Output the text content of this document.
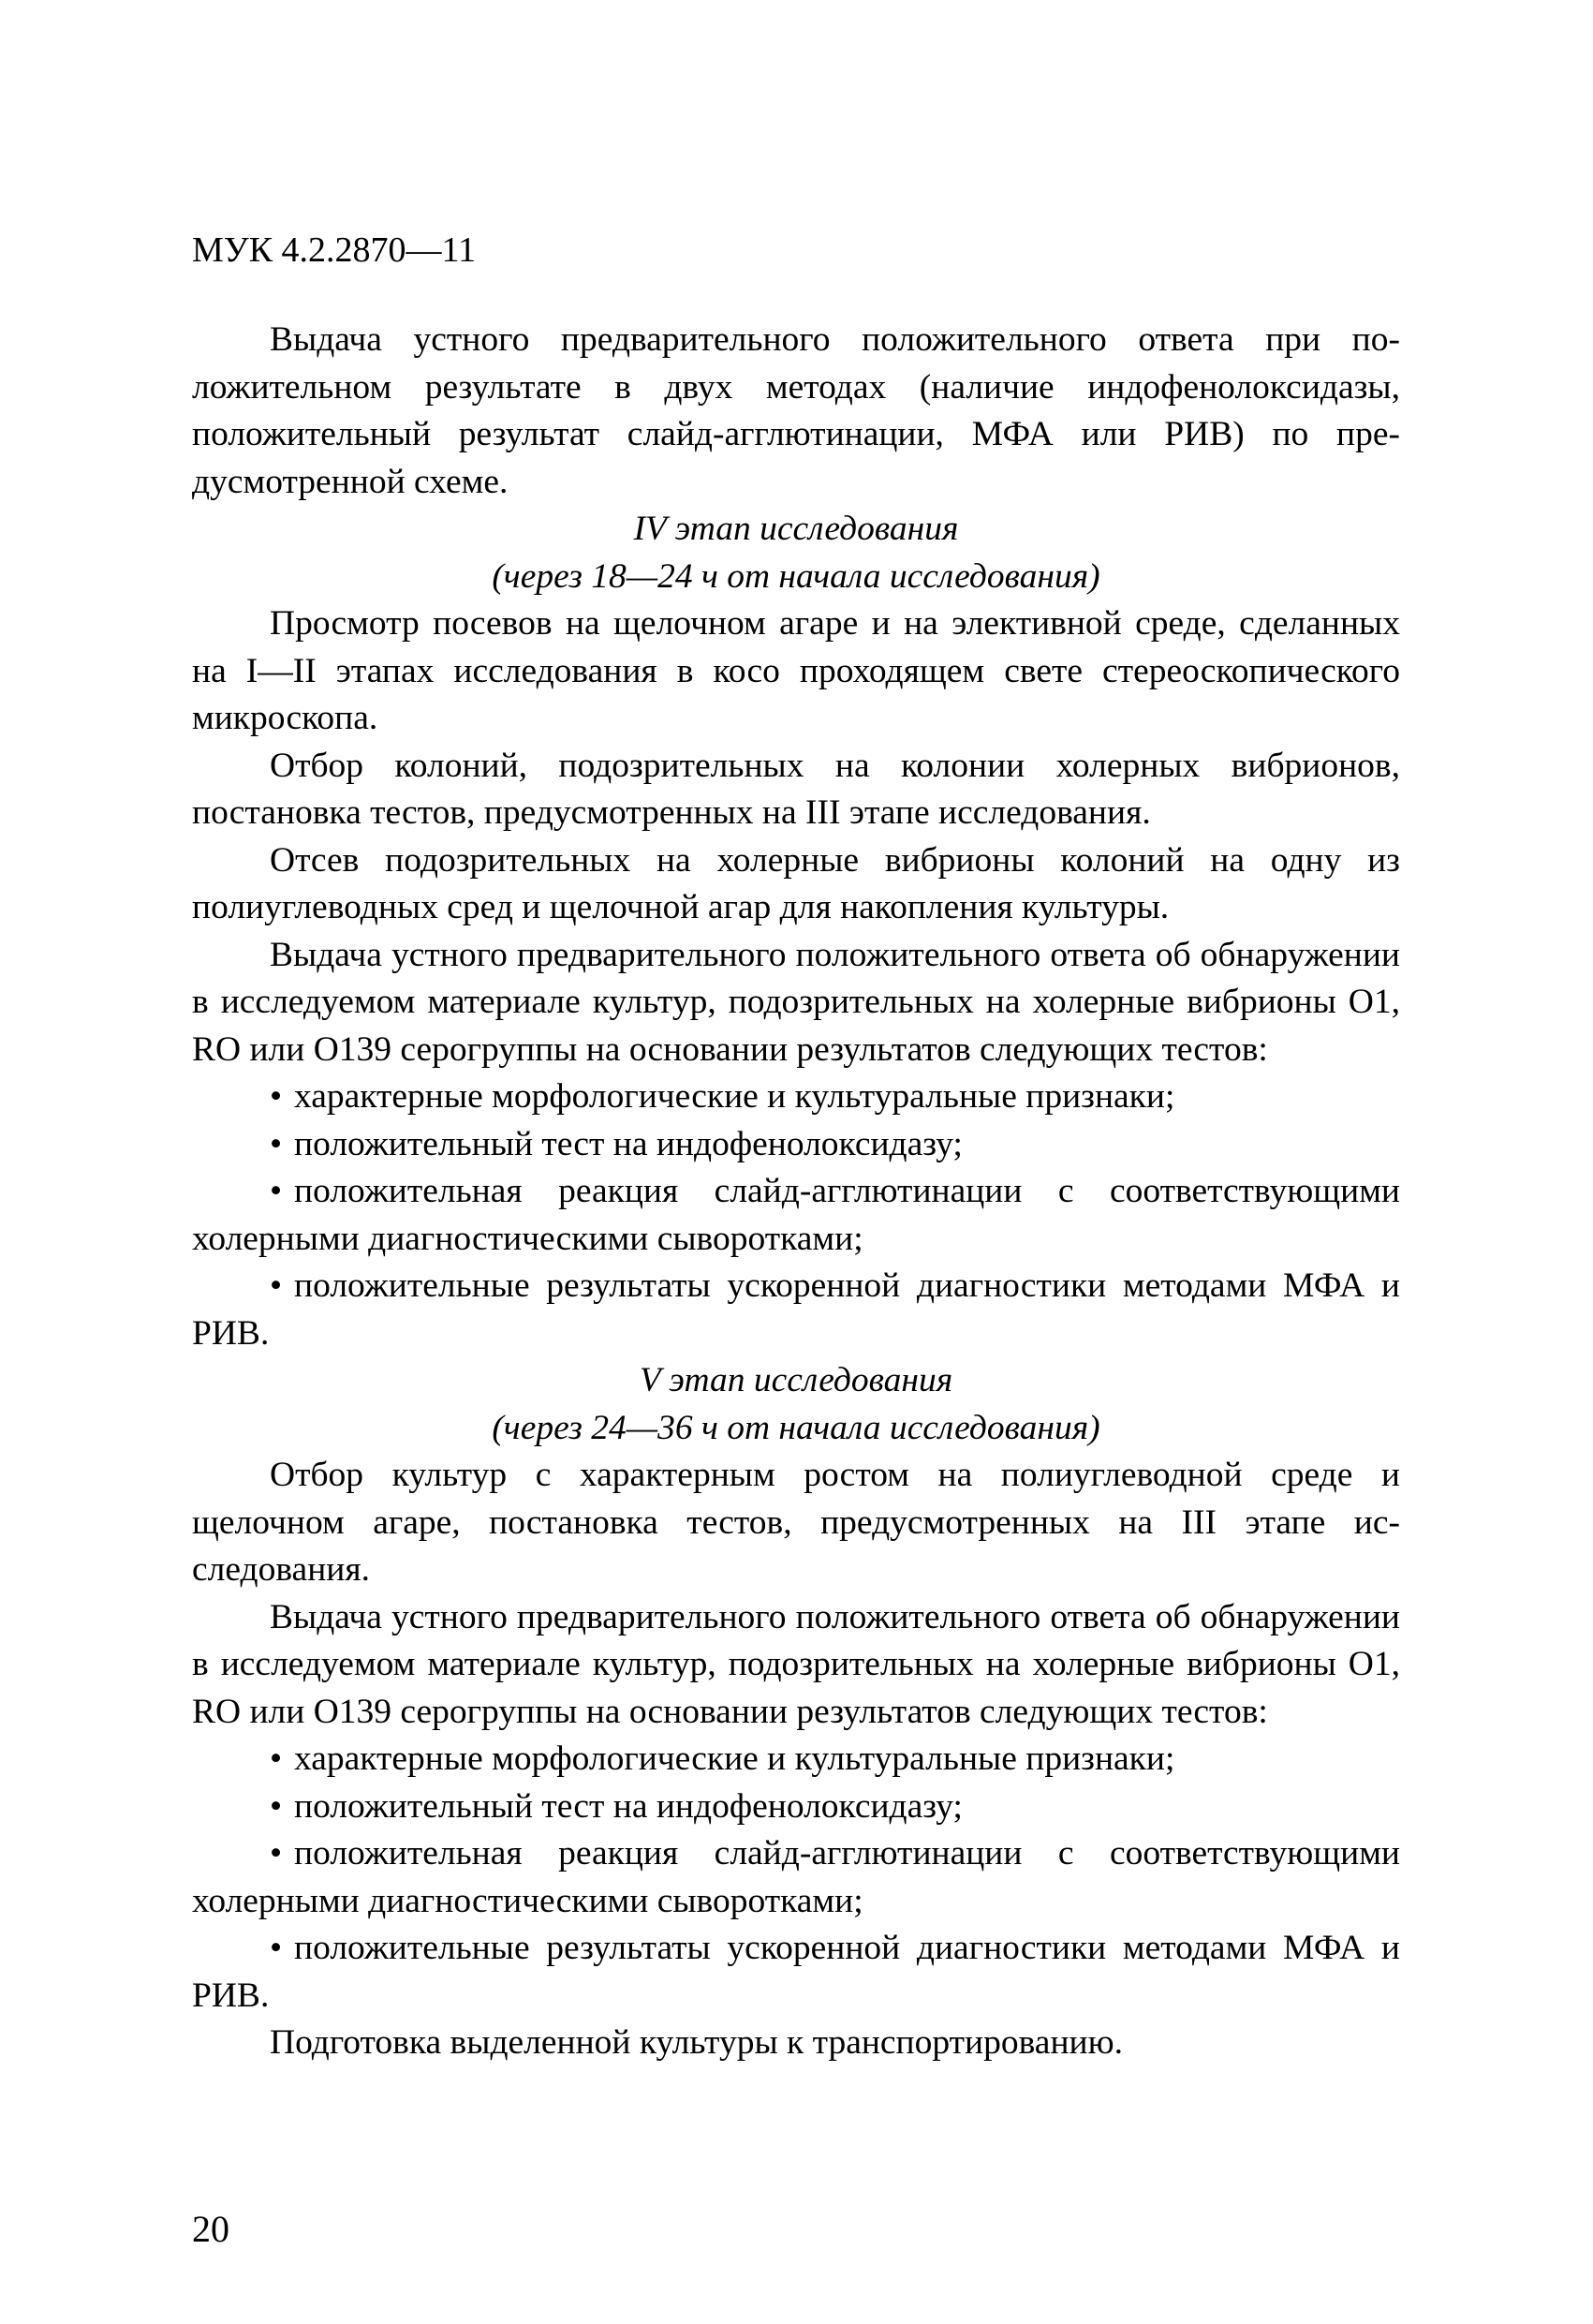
МУК 4.2.2870—11

Выдача устного предварительного положительного ответа при положительном результате в двух методах (наличие индофенолоксидазы, положительный результат слайд-агглютинации, МФА или РИВ) по предусмотренной схеме.

IV этап исследования

(через 18—24 ч от начала исследования)

Просмотр посевов на щелочном агаре и на элективной среде, сделанных на I—II этапах исследования в косо проходящем свете стереоскопического микроскопа.

Отбор колоний, подозрительных на колонии холерных вибрионов, постановка тестов, предусмотренных на III этапе исследования.

Отсев подозрительных на холерные вибрионы колоний на одну из полиуглеводных сред и щелочной агар для накопления культуры.

Выдача устного предварительного положительного ответа об обнаружении в исследуемом материале культур, подозрительных на холерные вибрионы O1, RO или O139 серогруппы на основании результатов следующих тестов:

• характерные морфологические и культуральные признаки;
• положительный тест на индофенолоксидазу;
• положительная реакция слайд-агглютинации с соответствующими холерными диагностическими сыворотками;
• положительные результаты ускоренной диагностики методами МФА и РИВ.

V этап исследования

(через 24—36 ч от начала исследования)

Отбор культур с характерным ростом на полиуглеводной среде и щелочном агаре, постановка тестов, предусмотренных на III этапе исследования.

Выдача устного предварительного положительного ответа об обнаружении в исследуемом материале культур, подозрительных на холерные вибрионы O1, RO или O139 серогруппы на основании результатов следующих тестов:

• характерные морфологические и культуральные признаки;
• положительный тест на индофенолоксидазу;
• положительная реакция слайд-агглютинации с соответствующими холерными диагностическими сыворотками;
• положительные результаты ускоренной диагностики методами МФА и РИВ.

Подготовка выделенной культуры к транспортированию.

20
